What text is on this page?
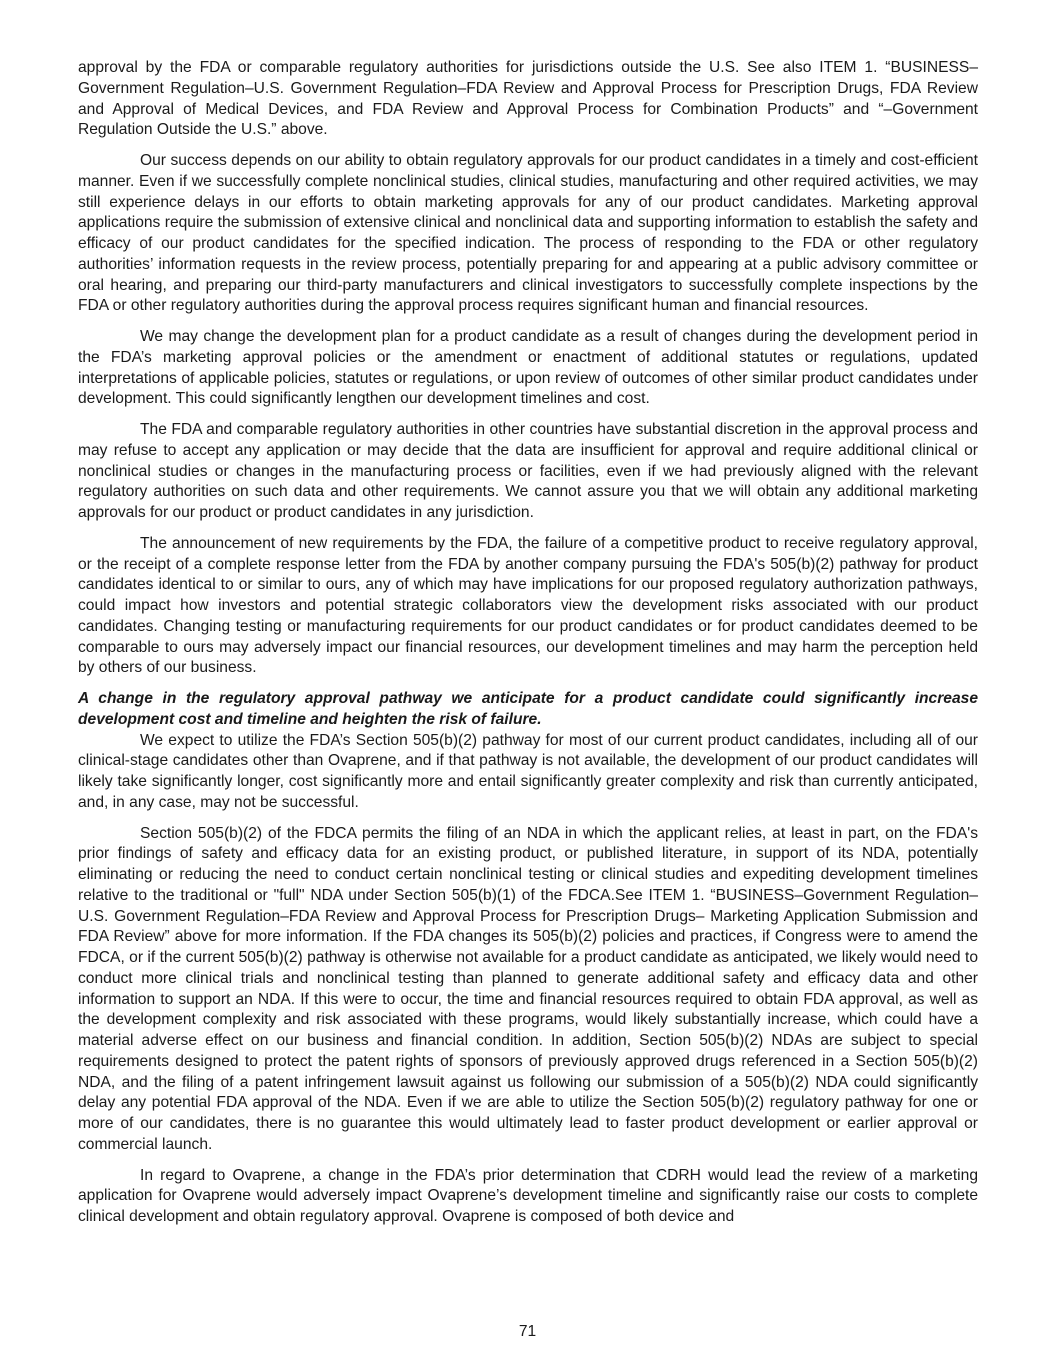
approval by the FDA or comparable regulatory authorities for jurisdictions outside the U.S. See also ITEM 1. “BUSINESS–Government Regulation–U.S. Government Regulation–FDA Review and Approval Process for Prescription Drugs, FDA Review and Approval of Medical Devices, and FDA Review and Approval Process for Combination Products” and “–Government Regulation Outside the U.S.” above.

Our success depends on our ability to obtain regulatory approvals for our product candidates in a timely and cost-efficient manner. Even if we successfully complete nonclinical studies, clinical studies, manufacturing and other required activities, we may still experience delays in our efforts to obtain marketing approvals for any of our product candidates. Marketing approval applications require the submission of extensive clinical and nonclinical data and supporting information to establish the safety and efficacy of our product candidates for the specified indication. The process of responding to the FDA or other regulatory authorities’ information requests in the review process, potentially preparing for and appearing at a public advisory committee or oral hearing, and preparing our third-party manufacturers and clinical investigators to successfully complete inspections by the FDA or other regulatory authorities during the approval process requires significant human and financial resources.

We may change the development plan for a product candidate as a result of changes during the development period in the FDA’s marketing approval policies or the amendment or enactment of additional statutes or regulations, updated interpretations of applicable policies, statutes or regulations, or upon review of outcomes of other similar product candidates under development. This could significantly lengthen our development timelines and cost.

The FDA and comparable regulatory authorities in other countries have substantial discretion in the approval process and may refuse to accept any application or may decide that the data are insufficient for approval and require additional clinical or nonclinical studies or changes in the manufacturing process or facilities, even if we had previously aligned with the relevant regulatory authorities on such data and other requirements. We cannot assure you that we will obtain any additional marketing approvals for our product or product candidates in any jurisdiction.

The announcement of new requirements by the FDA, the failure of a competitive product to receive regulatory approval, or the receipt of a complete response letter from the FDA by another company pursuing the FDA's 505(b)(2) pathway for product candidates identical to or similar to ours, any of which may have implications for our proposed regulatory authorization pathways, could impact how investors and potential strategic collaborators view the development risks associated with our product candidates. Changing testing or manufacturing requirements for our product candidates or for product candidates deemed to be comparable to ours may adversely impact our financial resources, our development timelines and may harm the perception held by others of our business.

A change in the regulatory approval pathway we anticipate for a product candidate could significantly increase development cost and timeline and heighten the risk of failure.

We expect to utilize the FDA’s Section 505(b)(2) pathway for most of our current product candidates, including all of our clinical-stage candidates other than Ovaprene, and if that pathway is not available, the development of our product candidates will likely take significantly longer, cost significantly more and entail significantly greater complexity and risk than currently anticipated, and, in any case, may not be successful.

Section 505(b)(2) of the FDCA permits the filing of an NDA in which the applicant relies, at least in part, on the FDA's prior findings of safety and efficacy data for an existing product, or published literature, in support of its NDA, potentially eliminating or reducing the need to conduct certain nonclinical testing or clinical studies and expediting development timelines relative to the traditional or "full" NDA under Section 505(b)(1) of the FDCA.See ITEM 1. “BUSINESS–Government Regulation–U.S. Government Regulation–FDA Review and Approval Process for Prescription Drugs– Marketing Application Submission and FDA Review” above for more information. If the FDA changes its 505(b)(2) policies and practices, if Congress were to amend the FDCA, or if the current 505(b)(2) pathway is otherwise not available for a product candidate as anticipated, we likely would need to conduct more clinical trials and nonclinical testing than planned to generate additional safety and efficacy data and other information to support an NDA. If this were to occur, the time and financial resources required to obtain FDA approval, as well as the development complexity and risk associated with these programs, would likely substantially increase, which could have a material adverse effect on our business and financial condition. In addition, Section 505(b)(2) NDAs are subject to special requirements designed to protect the patent rights of sponsors of previously approved drugs referenced in a Section 505(b)(2) NDA, and the filing of a patent infringement lawsuit against us following our submission of a 505(b)(2) NDA could significantly delay any potential FDA approval of the NDA. Even if we are able to utilize the Section 505(b)(2) regulatory pathway for one or more of our candidates, there is no guarantee this would ultimately lead to faster product development or earlier approval or commercial launch.

In regard to Ovaprene, a change in the FDA’s prior determination that CDRH would lead the review of a marketing application for Ovaprene would adversely impact Ovaprene’s development timeline and significantly raise our costs to complete clinical development and obtain regulatory approval. Ovaprene is composed of both device and

71
